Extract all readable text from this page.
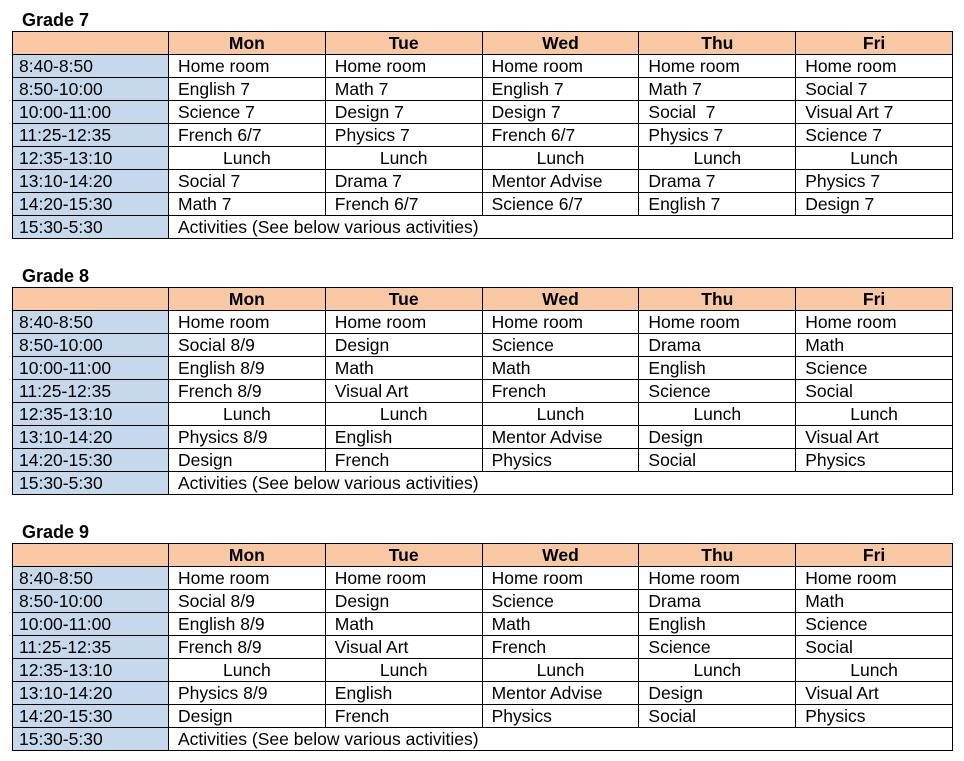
Grade 7
	Mon	Tue	Wed	Thu	Fri
8:40-8:50	Home room	Home room	Home room	Home room	Home room
8:50-10:00	English 7	Math 7	English 7	Math 7	Social 7
10:00-11:00	Science 7	Design 7	Design 7	Social  7	Visual Art 7
11:25-12:35	French 6/7	Physics 7	French 6/7	Physics 7	Science 7
12:35-13:10	Lunch	Lunch	Lunch	Lunch	Lunch
13:10-14:20	Social 7	Drama 7	Mentor Advise	Drama 7	Physics 7
14:20-15:30	Math 7	French 6/7	Science 6/7	English 7	Design 7
15:30-5:30	Activities (See below various activities)				
Grade 8
	Mon	Tue	Wed	Thu	Fri
8:40-8:50	Home room	Home room	Home room	Home room	Home room
8:50-10:00	Social 8/9	Design	Science	Drama	Math
10:00-11:00	English 8/9	Math	Math	English	Science
11:25-12:35	French 8/9	Visual Art	French	Science	Social
12:35-13:10	Lunch	Lunch	Lunch	Lunch	Lunch
13:10-14:20	Physics 8/9	English	Mentor Advise	Design	Visual Art
14:20-15:30	Design	French	Physics	Social	Physics
15:30-5:30	Activities (See below various activities)				
Grade 9
	Mon	Tue	Wed	Thu	Fri
8:40-8:50	Home room	Home room	Home room	Home room	Home room
8:50-10:00	Social 8/9	Design	Science	Drama	Math
10:00-11:00	English 8/9	Math	Math	English	Science
11:25-12:35	French 8/9	Visual Art	French	Science	Social
12:35-13:10	Lunch	Lunch	Lunch	Lunch	Lunch
13:10-14:20	Physics 8/9	English	Mentor Advise	Design	Visual Art
14:20-15:30	Design	French	Physics	Social	Physics
15:30-5:30	Activities (See below various activities)				
